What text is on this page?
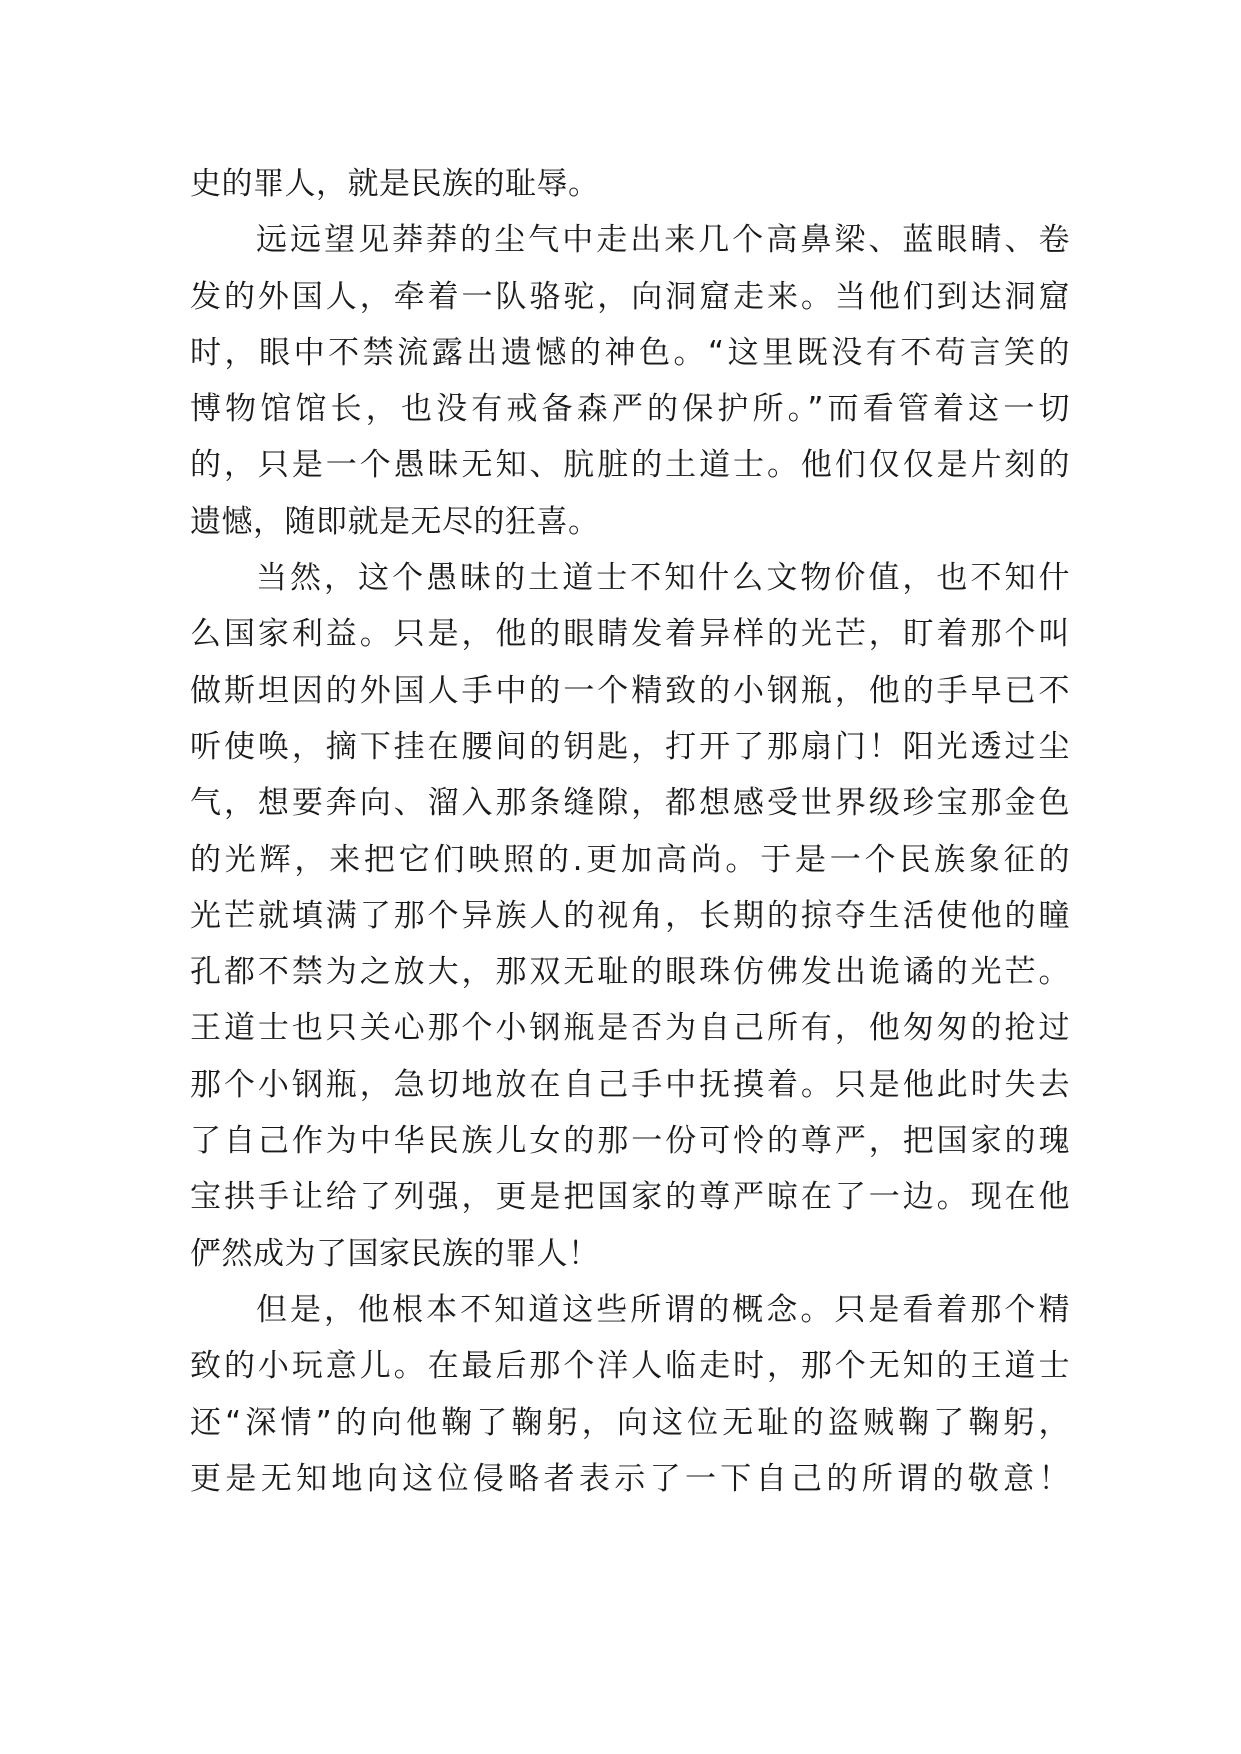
史的罪人，就是民族的耻辱。
远远望见莽莽的尘气中走出来几个高鼻梁、蓝眼睛、卷
发的外国人，牵着一队骆驼，向洞窟走来。当他们到达洞窟
时，眼中不禁流露出遗憾的神色。“这里既没有不苟言笑的
博物馆馆长，也没有戒备森严的保护所。”而看管着这一切
的，只是一个愚昧无知、肮脏的土道士。他们仅仅是片刻的
遗憾，随即就是无尽的狂喜。
当然，这个愚昧的土道士不知什么文物价值，也不知什
么国家利益。只是，他的眼睛发着异样的光芒，盯着那个叫
做斯坦因的外国人手中的一个精致的小钢瓶，他的手早已不
听使唤，摘下挂在腰间的钥匙，打开了那扇门！阳光透过尘
气，想要奔向、溜入那条缝隙，都想感受世界级珍宝那金色
的光辉，来把它们映照的.更加高尚。于是一个民族象征的
光芒就填满了那个异族人的视角，长期的掠夺生活使他的瞳
孔都不禁为之放大，那双无耻的眼珠仿佛发出诡谲的光芒。
王道士也只关心那个小钢瓶是否为自己所有，他匆匆的抢过
那个小钢瓶，急切地放在自己手中抚摸着。只是他此时失去
了自己作为中华民族儿女的那一份可怜的尊严，把国家的瑰
宝拱手让给了列强，更是把国家的尊严晾在了一边。现在他
俨然成为了国家民族的罪人！
但是，他根本不知道这些所谓的概念。只是看着那个精
致的小玩意儿。在最后那个洋人临走时，那个无知的王道士
还“深情”的向他鞠了鞠躬，向这位无耻的盗贼鞠了鞠躬，
更是无知地向这位侵略者表示了一下自己的所谓的敬意！
